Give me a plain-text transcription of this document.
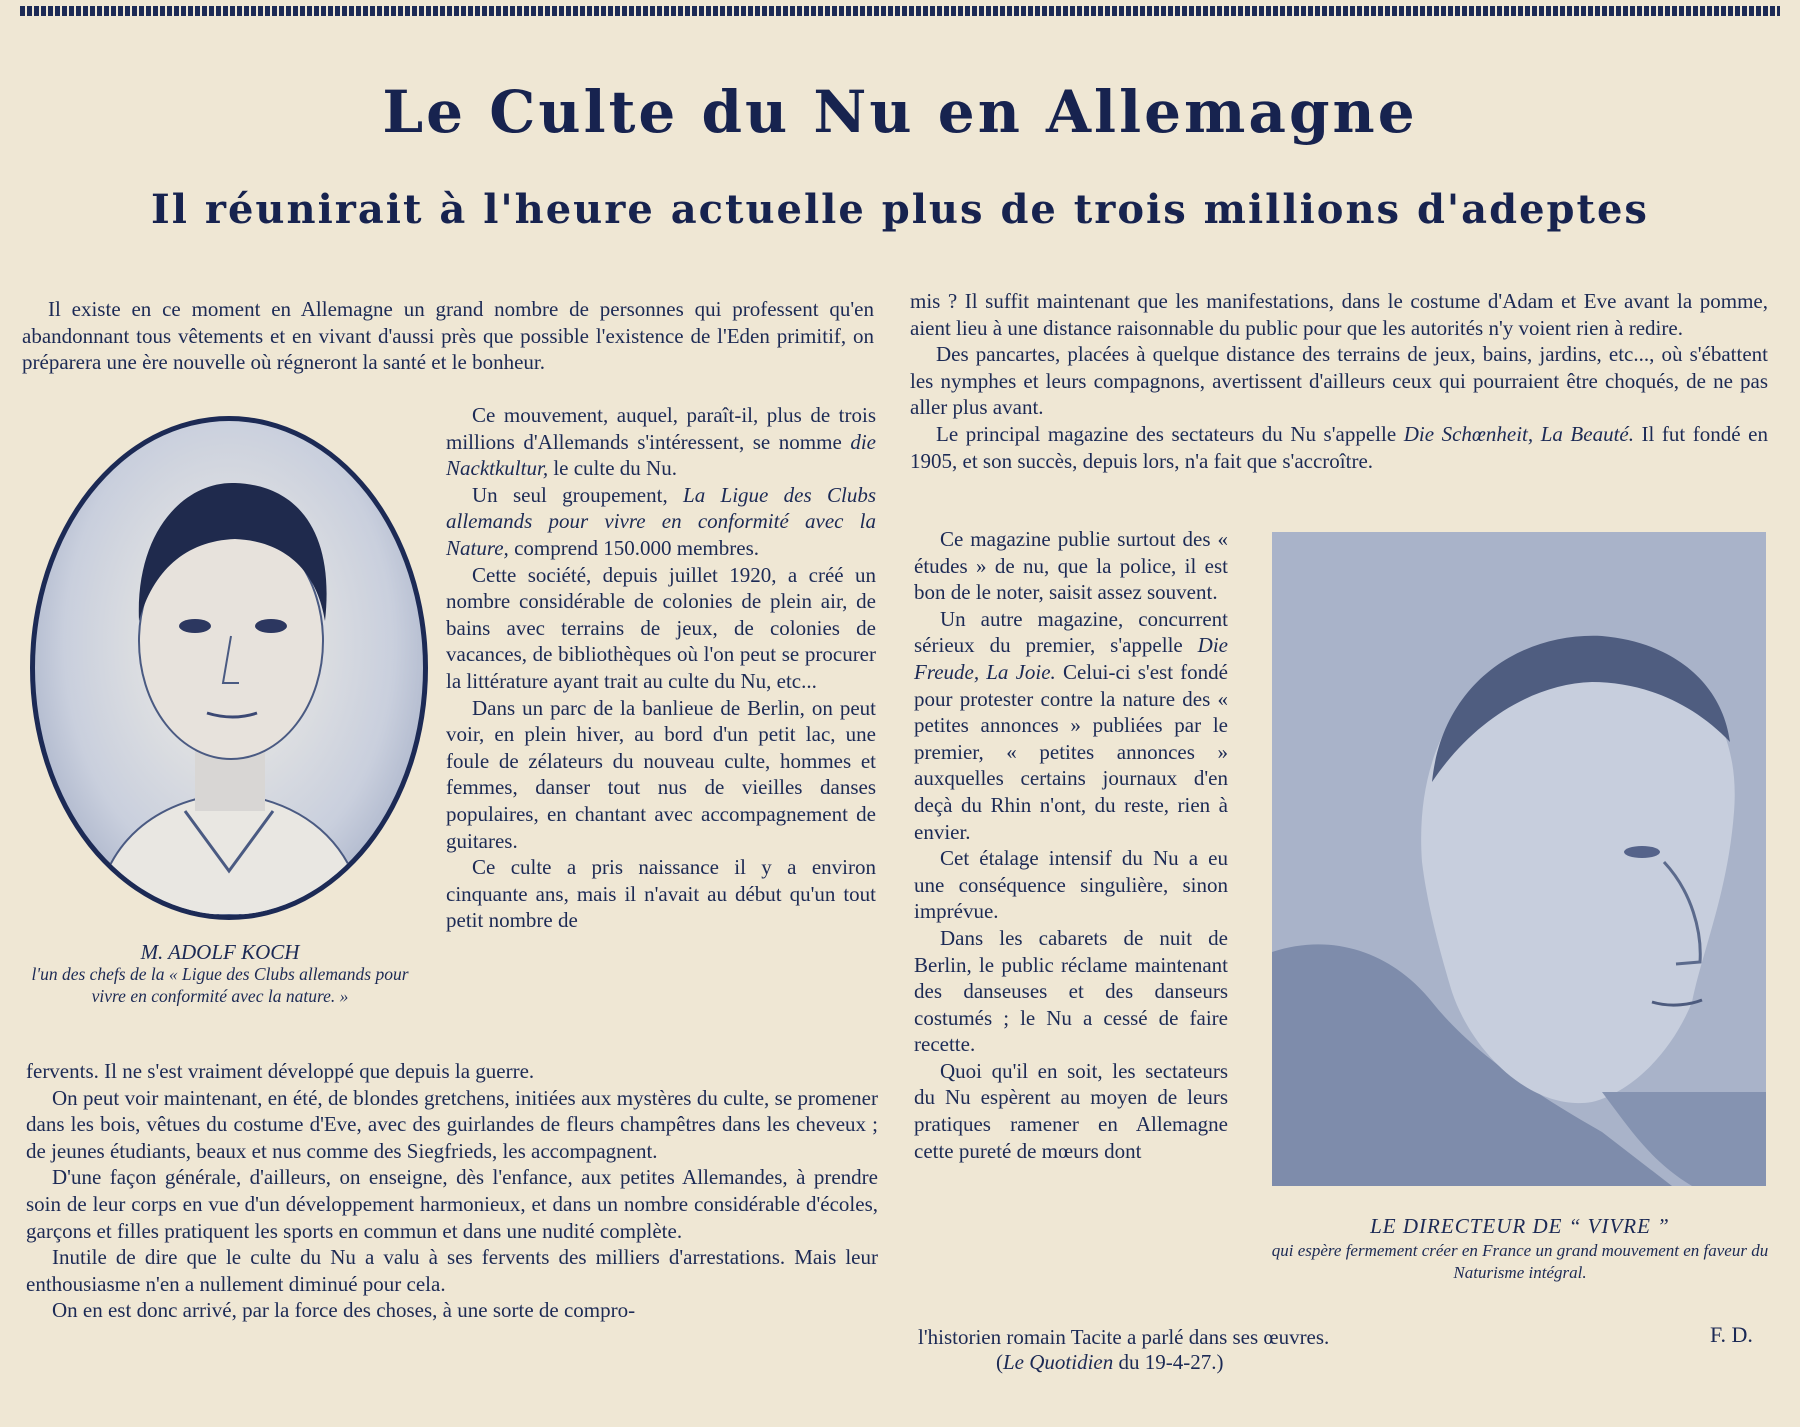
Le Culte du Nu en Allemagne
Il réunirait à l'heure actuelle plus de trois millions d'adeptes

Il existe en ce moment en Allemagne un grand nombre de personnes qui professent qu'en abandonnant tous vêtements et en vivant d'aussi près que possible l'existence de l'Eden primitif, on préparera une ère nouvelle où régneront la santé et le bonheur.

M. ADOLF KOCH
l'un des chefs de la « Ligue des Clubs allemands pour vivre en conformité avec la nature. »

Ce mouvement, auquel, paraît-il, plus de trois millions d'Allemands s'intéressent, se nomme die Nacktkultur, le culte du Nu.

Un seul groupement, La Ligue des Clubs allemands pour vivre en conformité avec la Nature, comprend 150.000 membres.

Cette société, depuis juillet 1920, a créé un nombre considérable de colonies de plein air, de bains avec terrains de jeux, de colonies de vacances, de bibliothèques où l'on peut se procurer la littérature ayant trait au culte du Nu, etc...

Dans un parc de la banlieue de Berlin, on peut voir, en plein hiver, au bord d'un petit lac, une foule de zélateurs du nouveau culte, hommes et femmes, danser tout nus de vieilles danses populaires, en chantant avec accompagnement de guitares.

Ce culte a pris naissance il y a environ cinquante ans, mais il n'avait au début qu'un tout petit nombre de

fervents. Il ne s'est vraiment développé que depuis la guerre.

On peut voir maintenant, en été, de blondes gretchens, initiées aux mystères du culte, se promener dans les bois, vêtues du costume d'Eve, avec des guirlandes de fleurs champêtres dans les cheveux ; de jeunes étudiants, beaux et nus comme des Siegfrieds, les accompagnent.

D'une façon générale, d'ailleurs, on enseigne, dès l'enfance, aux petites Allemandes, à prendre soin de leur corps en vue d'un développement harmonieux, et dans un nombre considérable d'écoles, garçons et filles pratiquent les sports en commun et dans une nudité complète.

Inutile de dire que le culte du Nu a valu à ses fervents des milliers d'arrestations. Mais leur enthousiasme n'en a nullement diminué pour cela.

On en est donc arrivé, par la force des choses, à une sorte de compro-

mis ? Il suffit maintenant que les manifestations, dans le costume d'Adam et Eve avant la pomme, aient lieu à une distance raisonnable du public pour que les autorités n'y voient rien à redire.

Des pancartes, placées à quelque distance des terrains de jeux, bains, jardins, etc..., où s'ébattent les nymphes et leurs compagnons, avertissent d'ailleurs ceux qui pourraient être choqués, de ne pas aller plus avant.

Le principal magazine des sectateurs du Nu s'appelle Die Schœnheit, La Beauté. Il fut fondé en 1905, et son succès, depuis lors, n'a fait que s'accroître.

Ce magazine publie surtout des « études » de nu, que la police, il est bon de le noter, saisit assez souvent.

Un autre magazine, concurrent sérieux du premier, s'appelle Die Freude, La Joie. Celui-ci s'est fondé pour protester contre la nature des « petites annonces » publiées par le premier, « petites annonces » auxquelles certains journaux d'en deçà du Rhin n'ont, du reste, rien à envier.

Cet étalage intensif du Nu a eu une conséquence singulière, sinon imprévue.

Dans les cabarets de nuit de Berlin, le public réclame maintenant des danseuses et des danseurs costumés ; le Nu a cessé de faire recette.

Quoi qu'il en soit, les sectateurs du Nu espèrent au moyen de leurs pratiques ramener en Allemagne cette pureté de mœurs dont

l'historien romain Tacite a parlé dans ses œuvres.	F. D.
(Le Quotidien du 19-4-27.)
LE DIRECTEUR DE “ VIVRE ”
qui espère fermement créer en France un grand mouvement en faveur du Naturisme intégral.
